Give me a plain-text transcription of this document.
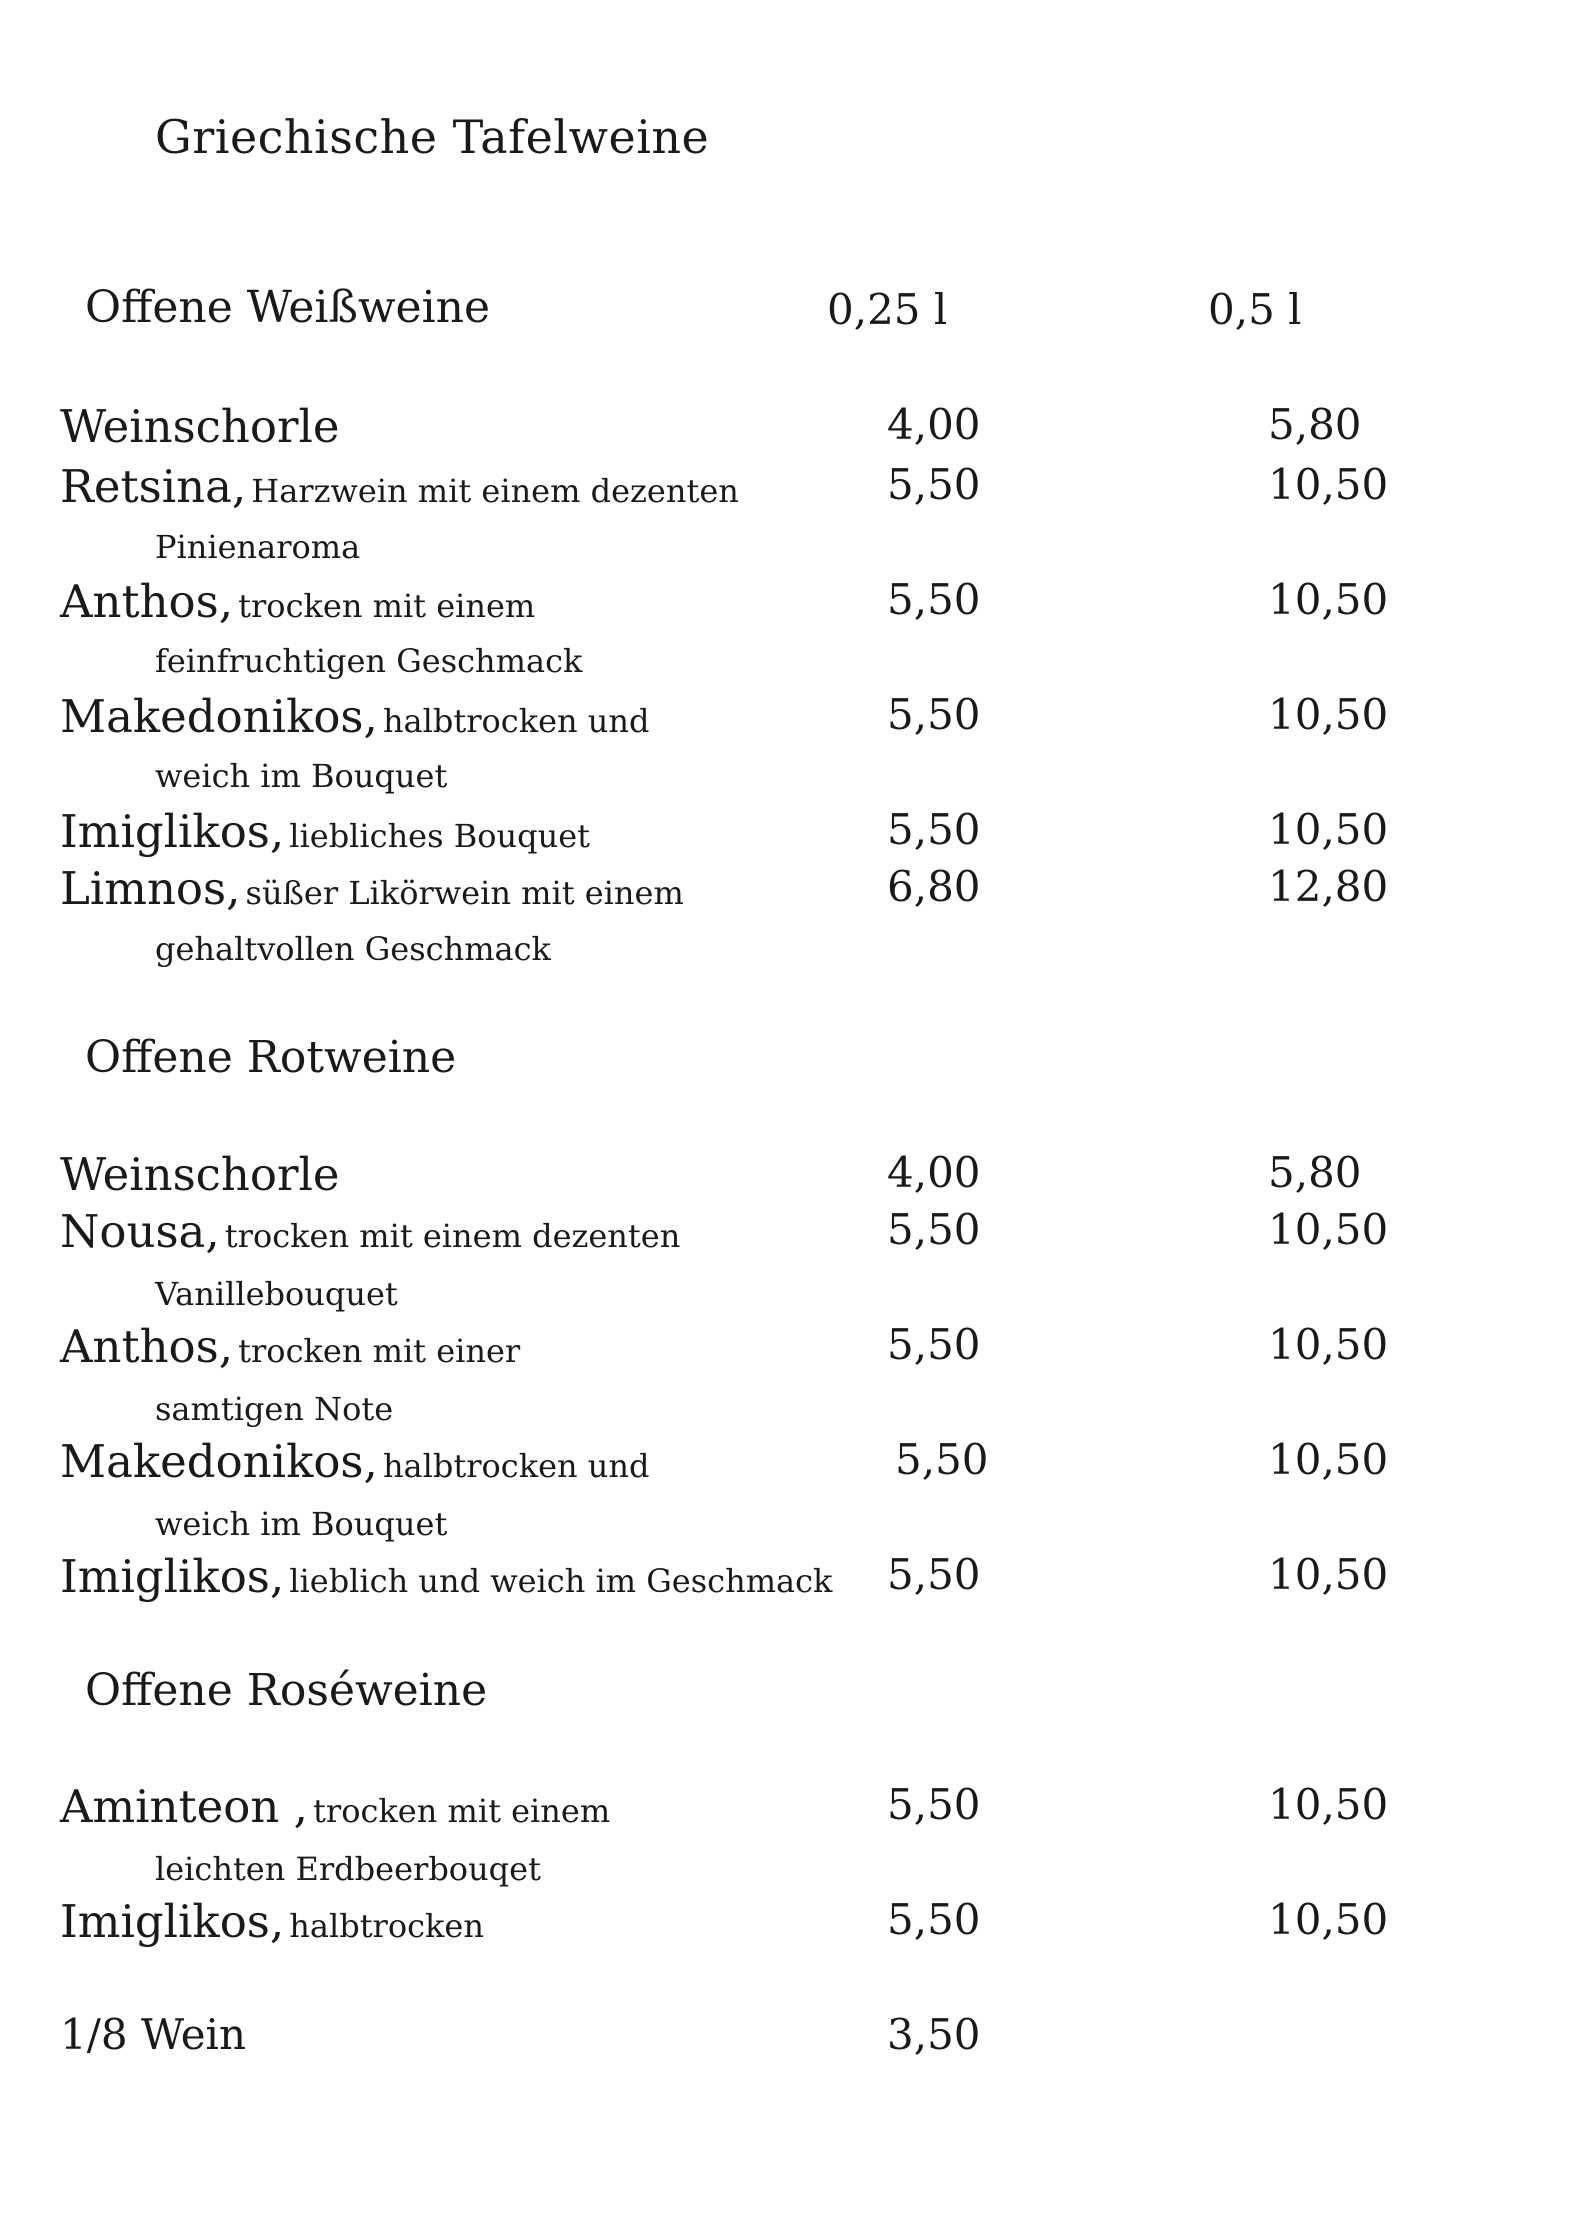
Griechische Tafelweine
Offene Weißweine	0,25 l	0,5 l
Weinschorle	4,00	5,80
Retsina, Harzwein mit einem dezenten	5,50	10,50
Pinienaroma
Anthos, trocken mit einem	5,50	10,50
feinfruchtigen Geschmack
Makedonikos, halbtrocken und	5,50	10,50
weich im Bouquet
Imiglikos, liebliches Bouquet	5,50	10,50
Limnos, süßer Likörwein mit einem	6,80	12,80
gehaltvollen Geschmack
Offene Rotweine
Weinschorle	4,00	5,80
Nousa, trocken mit einem dezenten	5,50	10,50
Vanillebouquet
Anthos, trocken mit einer	5,50	10,50
samtigen Note
Makedonikos, halbtrocken und	5,50	10,50
weich im Bouquet
Imiglikos, lieblich und weich im Geschmack 5,50	10,50
Offene Roséweine
Aminteon , trocken mit einem	5,50	10,50
leichten Erdbeerbouqet
Imiglikos, halbtrocken	5,50	10,50
1/8 Wein	3,50
